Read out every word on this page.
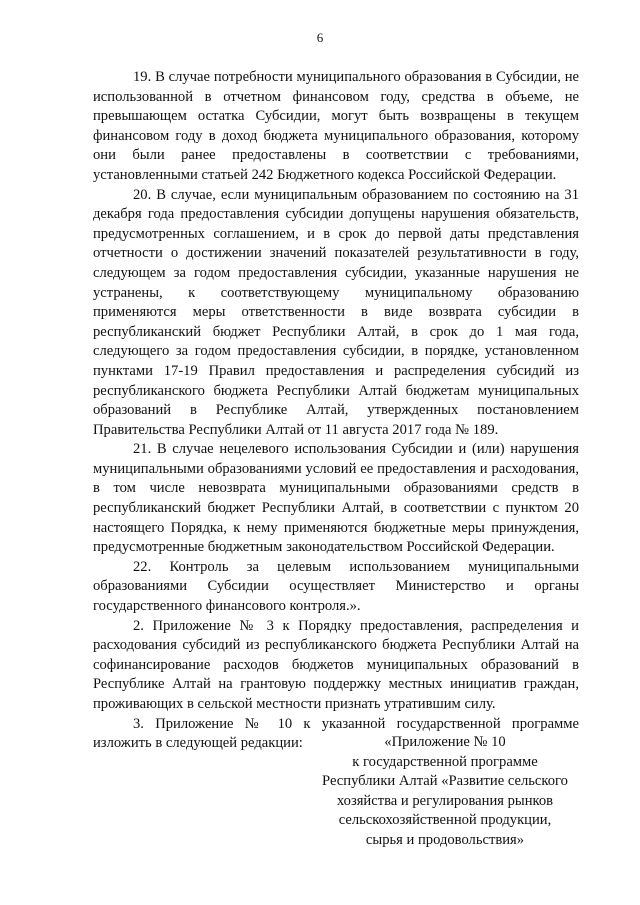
6

19. В случае потребности муниципального образования в Субсидии, не использованной в отчетном финансовом году, средства в объеме, не превышающем остатка Субсидии, могут быть возвращены в текущем финансовом году в доход бюджета муниципального образования, которому они были ранее предоставлены в соответствии с требованиями, установленными статьей 242 Бюджетного кодекса Российской Федерации.

20. В случае, если муниципальным образованием по состоянию на 31 декабря года предоставления субсидии допущены нарушения обязательств, предусмотренных соглашением, и в срок до первой даты представления отчетности о достижении значений показателей результативности в году, следующем за годом предоставления субсидии, указанные нарушения не устранены, к соответствующему муниципальному образованию применяются меры ответственности в виде возврата субсидии в республиканский бюджет Республики Алтай, в срок до 1 мая года, следующего за годом предоставления субсидии, в порядке, установленном пунктами 17-19 Правил предоставления и распределения субсидий из республиканского бюджета Республики Алтай бюджетам муниципальных образований в Республике Алтай, утвержденных постановлением Правительства Республики Алтай от 11 августа 2017 года № 189.

21. В случае нецелевого использования Субсидии и (или) нарушения муниципальными образованиями условий ее предоставления и расходования, в том числе невозврата муниципальными образованиями средств в республиканский бюджет Республики Алтай, в соответствии с пунктом 20 настоящего Порядка, к нему применяются бюджетные меры принуждения, предусмотренные бюджетным законодательством Российской Федерации.

22. Контроль за целевым использованием муниципальными образованиями Субсидии осуществляет Министерство и органы государственного финансового контроля.».

2. Приложение № 3 к Порядку предоставления, распределения и расходования субсидий из республиканского бюджета Республики Алтай на софинансирование расходов бюджетов муниципальных образований в Республике Алтай на грантовую поддержку местных инициатив граждан, проживающих в сельской местности признать утратившим силу.

3. Приложение № 10 к указанной государственной программе изложить в следующей редакции:	«Приложение № 10
к государственной программе
Республики Алтай «Развитие сельского
хозяйства и регулирования рынков
сельскохозяйственной продукции,
сырья и продовольствия»
